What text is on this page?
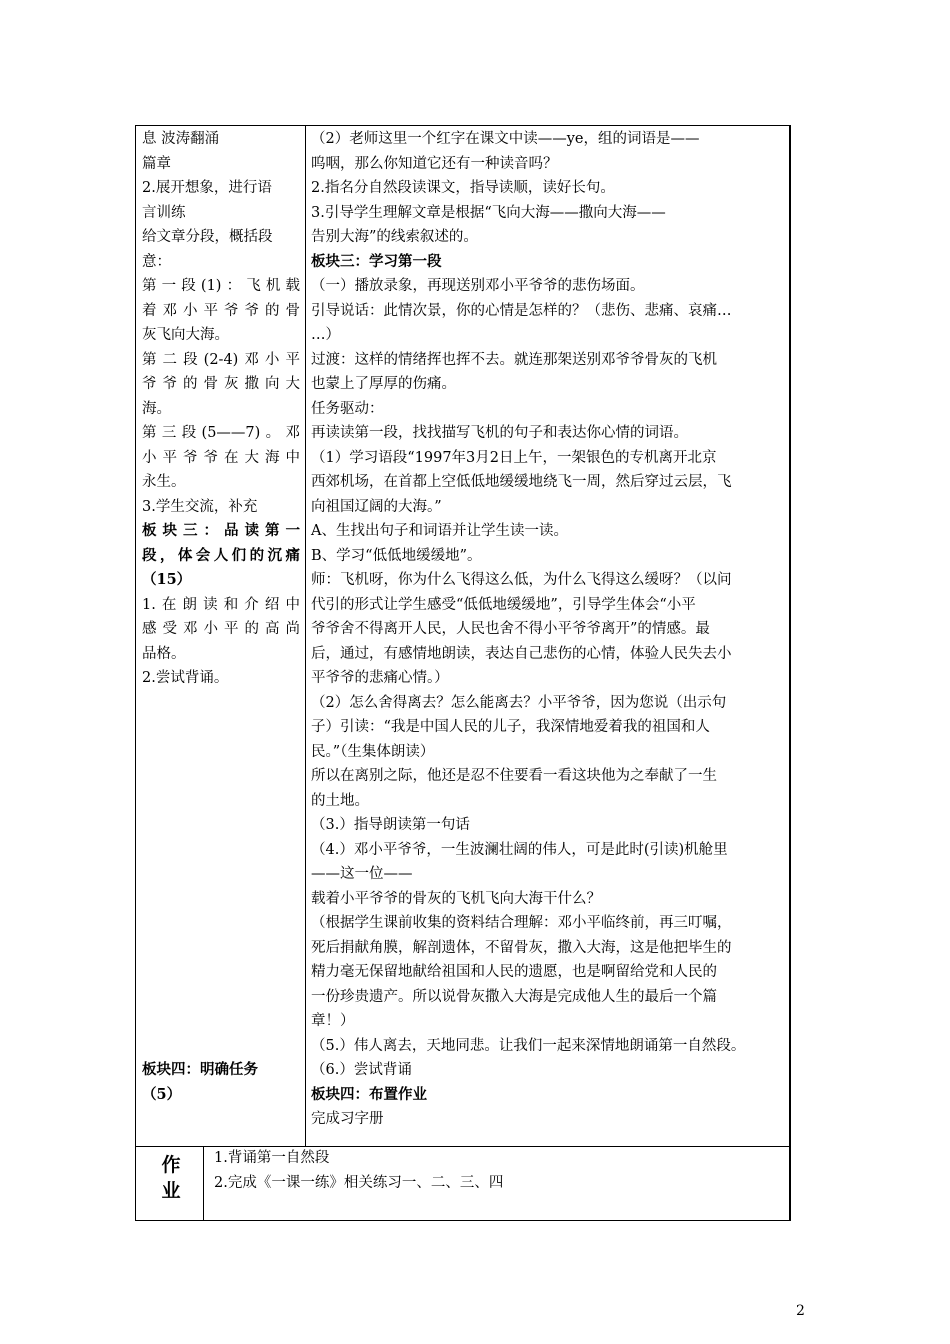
息 波涛翻涌
篇章
2.展开想象，进行语
言训练
给文章分段，概括段
意：
第一段(1)：飞机载
着邓小平爷爷的骨
灰飞向大海。
第二段(2-4)邓小平
爷爷的骨灰撒向大
海。
第三段(5——7)。邓
小平爷爷在大海中
永生。
3.学生交流，补充
板块三：品读第一
段，体会人们的沉痛
（15）
1.在朗读和介绍中
感受邓小平的高尚
品格。
2.尝试背诵。

板块四：明确任务
（5）
（2）老师这里一个红字在课文中读——ye，组的词语是——
呜咽，那么你知道它还有一种读音吗？
2.指名分自然段读课文，指导读顺，读好长句。
3.引导学生理解文章是根据“飞向大海——撒向大海——
告别大海”的线索叙述的。
板块三：学习第一段
（一）播放录象，再现送别邓小平爷爷的悲伤场面。
引导说话：此情次景，你的心情是怎样的？（悲伤、悲痛、哀痛…
…）
过渡：这样的情绪挥也挥不去。就连那架送别邓爷爷骨灰的飞机
也蒙上了厚厚的伤痛。
任务驱动：
再读读第一段，找找描写飞机的句子和表达你心情的词语。
（1）学习语段“1997年3月2日上午，一架银色的专机离开北京
西郊机场，在首都上空低低地缓缓地绕飞一周，然后穿过云层，飞
向祖国辽阔的大海。”
A、生找出句子和词语并让学生读一读。
B、学习“低低地缓缓地”。
师：飞机呀，你为什么飞得这么低，为什么飞得这么缓呀？（以问
代引的形式让学生感受“低低地缓缓地”，引导学生体会“小平
爷爷舍不得离开人民，人民也舍不得小平爷爷离开”的情感。最
后，通过，有感情地朗读，表达自己悲伤的心情，体验人民失去小
平爷爷的悲痛心情。）
（2）怎么舍得离去？怎么能离去？小平爷爷，因为您说（出示句
子）引读：“我是中国人民的儿子，我深情地爱着我的祖国和人
民。”（生集体朗读）
所以在离别之际，他还是忍不住要看一看这块他为之奉献了一生
的土地。
（3.）指导朗读第一句话
（4.）邓小平爷爷，一生波澜壮阔的伟人，可是此时(引读)机舱里
——这一位——
载着小平爷爷的骨灰的飞机飞向大海干什么？
（根据学生课前收集的资料结合理解：邓小平临终前，再三叮嘱，
死后捐献角膜，解剖遗体，不留骨灰，撒入大海，这是他把毕生的
精力毫无保留地献给祖国和人民的遗愿，也是啊留给党和人民的
一份珍贵遗产。所以说骨灰撒入大海是完成他人生的最后一个篇
章！）
（5.）伟人离去，天地同悲。让我们一起来深情地朗诵第一自然段。
（6.）尝试背诵
板块四：布置作业
完成习字册
作
业
1.背诵第一自然段
2.完成《一课一练》相关练习一、二、三、四
2
